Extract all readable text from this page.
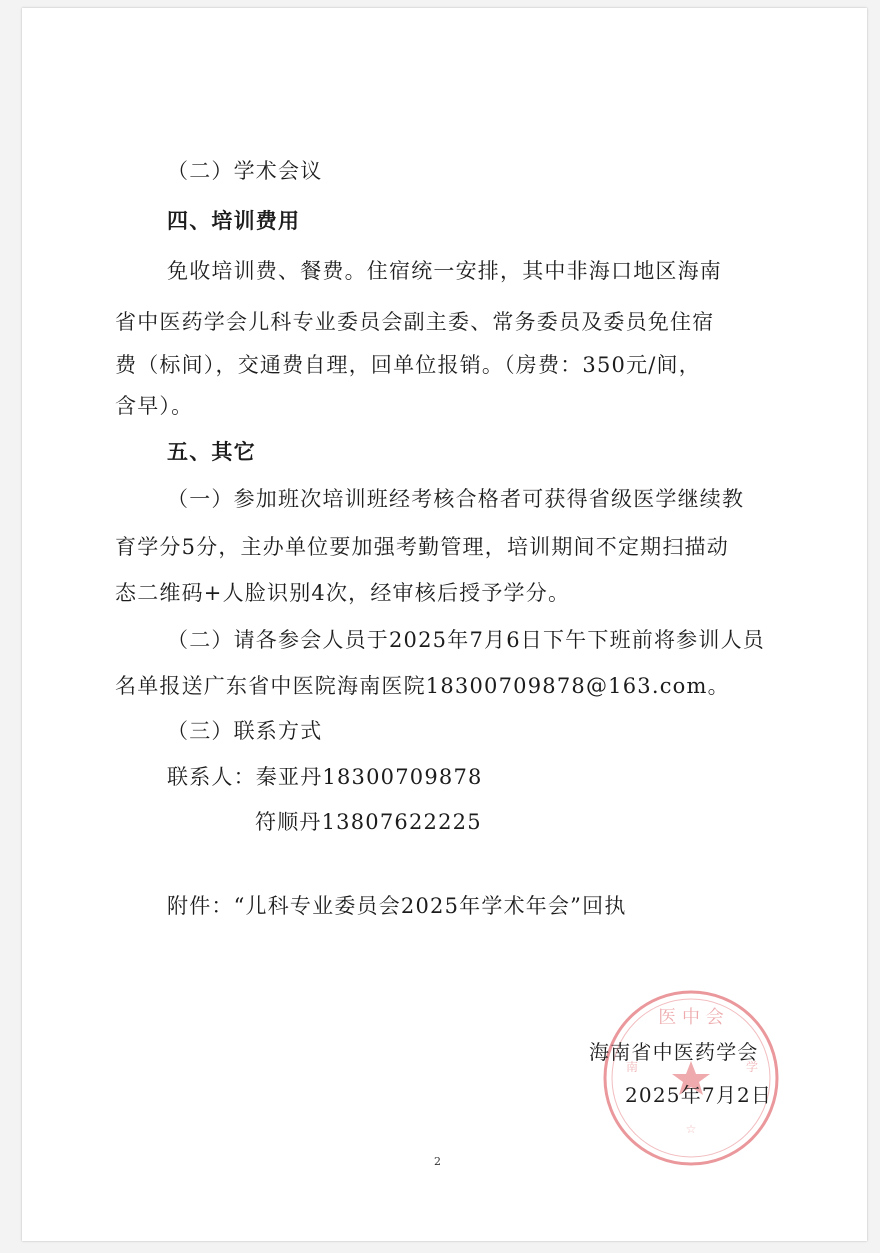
（二）学术会议
四、培训费用
免收培训费、餐费。住宿统一安排，其中非海口地区海南
省中医药学会儿科专业委员会副主委、常务委员及委员免住宿
费（标间），交通费自理，回单位报销。（房费：350元/间，
含早）。
五、其它
（一）参加班次培训班经考核合格者可获得省级医学继续教
育学分5分，主办单位要加强考勤管理，培训期间不定期扫描动
态二维码+人脸识别4次，经审核后授予学分。
（二）请各参会人员于2025年7月6日下午下班前将参训人员
名单报送广东省中医院海南医院18300709878@163.com。
（三）联系方式
联系人：秦亚丹18300709878
符顺丹13807622225
附件：“儿科专业委员会2025年学术年会”回执
医 中 会
南	学
☆
海南省中医药学会
2025年7月2日
2
